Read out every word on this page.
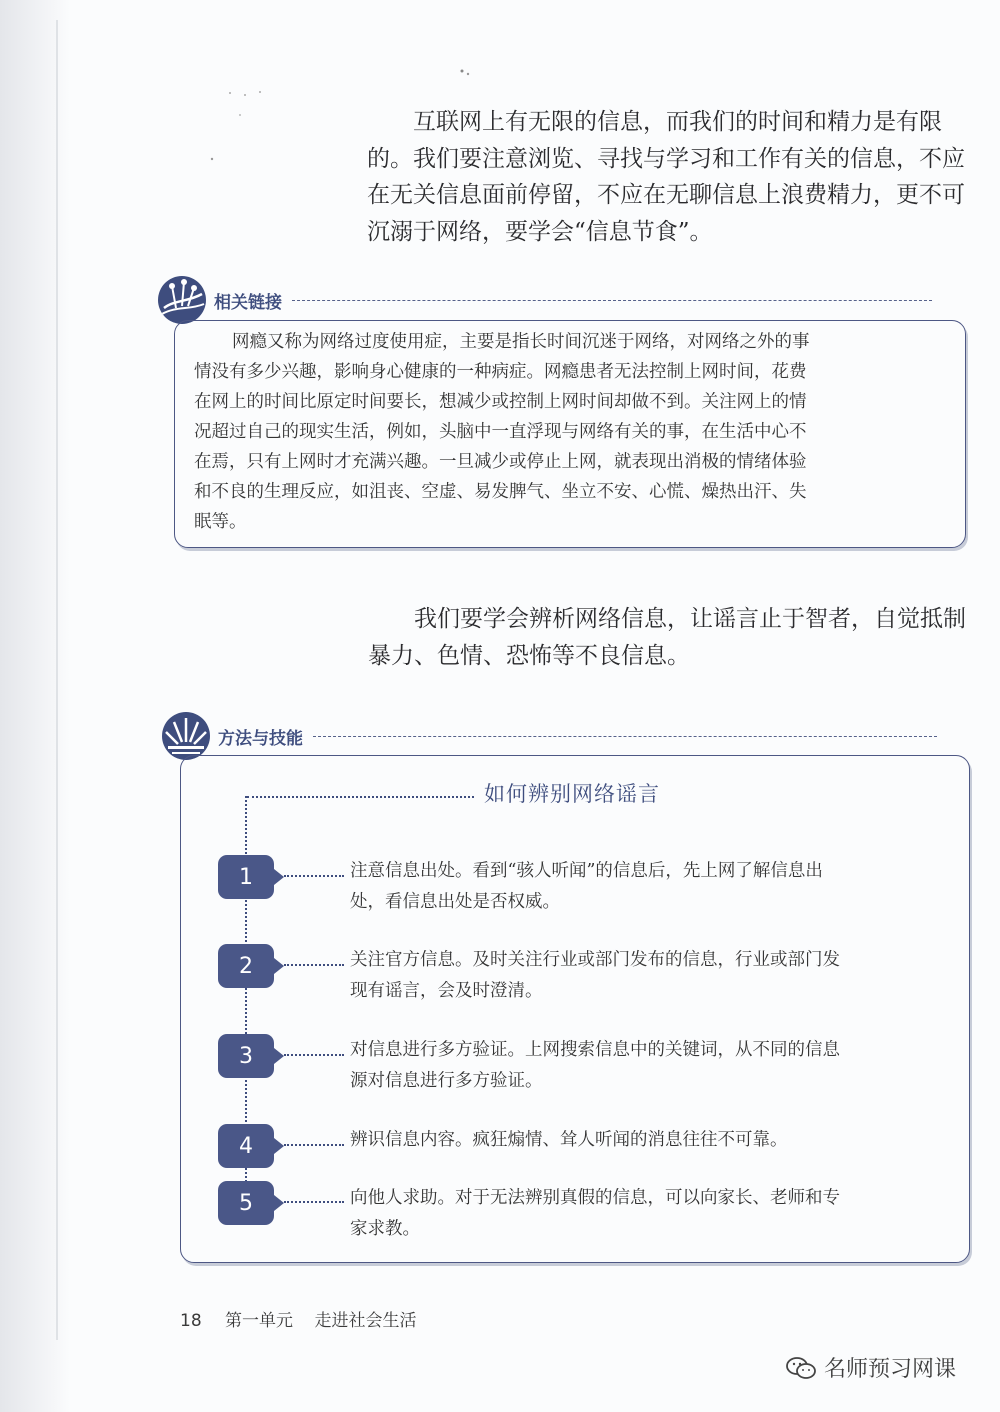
互联网上有无限的信息，而我们的时间和精力是有限
的。我们要注意浏览、寻找与学习和工作有关的信息，不应
在无关信息面前停留，不应在无聊信息上浪费精力，更不可
沉溺于网络，要学会“信息节食”。
相关链接
网瘾又称为网络过度使用症，主要是指长时间沉迷于网络，对网络之外的事
情没有多少兴趣，影响身心健康的一种病症。网瘾患者无法控制上网时间，花费
在网上的时间比原定时间要长，想减少或控制上网时间却做不到。关注网上的情
况超过自己的现实生活，例如，头脑中一直浮现与网络有关的事，在生活中心不
在焉，只有上网时才充满兴趣。一旦减少或停止上网，就表现出消极的情绪体验
和不良的生理反应，如沮丧、空虚、易发脾气、坐立不安、心慌、燥热出汗、失
眠等。
我们要学会辨析网络信息，让谣言止于智者，自觉抵制
暴力、色情、恐怖等不良信息。
方法与技能
如何辨别网络谣言
1	注意信息出处。看到“骇人听闻”的信息后，先上网了解信息出
处，看信息出处是否权威。
2	关注官方信息。及时关注行业或部门发布的信息，行业或部门发
现有谣言，会及时澄清。
3	对信息进行多方验证。上网搜索信息中的关键词，从不同的信息
源对信息进行多方验证。
4	辨识信息内容。疯狂煽情、耸人听闻的消息往往不可靠。
5	向他人求助。对于无法辨别真假的信息，可以向家长、老师和专
家求教。
18 第一单元 走进社会生活
名师预习网课
